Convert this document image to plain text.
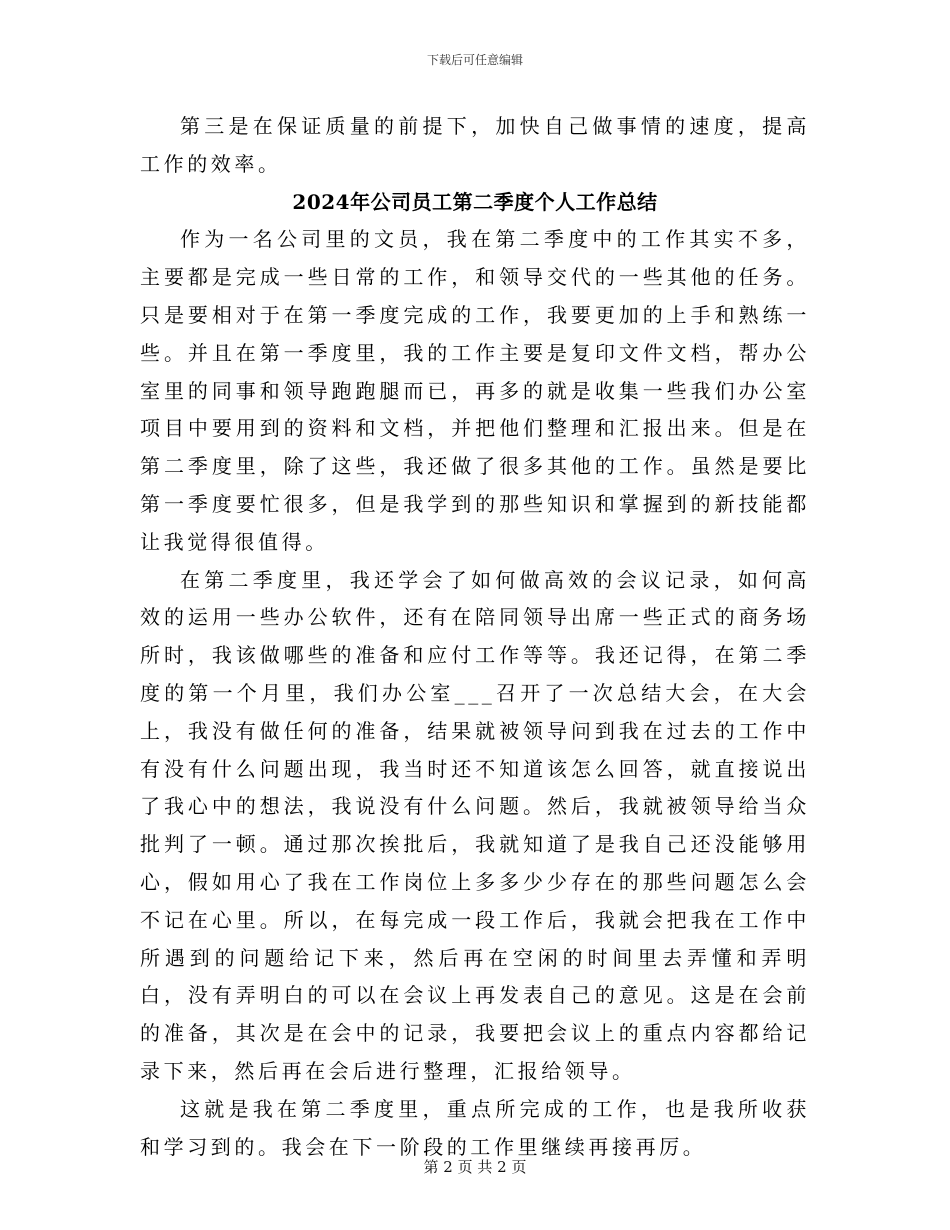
下载后可任意编辑

第三是在保证质量的前提下，加快自己做事情的速度，提高工作的效率。

2024年公司员工第二季度个人工作总结

作为一名公司里的文员，我在第二季度中的工作其实不多，主要都是完成一些日常的工作，和领导交代的一些其他的任务。只是要相对于在第一季度完成的工作，我要更加的上手和熟练一些。并且在第一季度里，我的工作主要是复印文件文档，帮办公室里的同事和领导跑跑腿而已，再多的就是收集一些我们办公室项目中要用到的资料和文档，并把他们整理和汇报出来。但是在第二季度里，除了这些，我还做了很多其他的工作。虽然是要比第一季度要忙很多，但是我学到的那些知识和掌握到的新技能都让我觉得很值得。

在第二季度里，我还学会了如何做高效的会议记录，如何高效的运用一些办公软件，还有在陪同领导出席一些正式的商务场所时，我该做哪些的准备和应付工作等等。我还记得，在第二季度的第一个月里，我们办公室___召开了一次总结大会，在大会上，我没有做任何的准备，结果就被领导问到我在过去的工作中有没有什么问题出现，我当时还不知道该怎么回答，就直接说出了我心中的想法，我说没有什么问题。然后，我就被领导给当众批判了一顿。通过那次挨批后，我就知道了是我自己还没能够用心，假如用心了我在工作岗位上多多少少存在的那些问题怎么会不记在心里。所以，在每完成一段工作后，我就会把我在工作中所遇到的问题给记下来，然后再在空闲的时间里去弄懂和弄明白，没有弄明白的可以在会议上再发表自己的意见。这是在会前的准备，其次是在会中的记录，我要把会议上的重点内容都给记录下来，然后再在会后进行整理，汇报给领导。

这就是我在第二季度里，重点所完成的工作，也是我所收获和学习到的。我会在下一阶段的工作里继续再接再厉。

第 2 页 共 2 页
